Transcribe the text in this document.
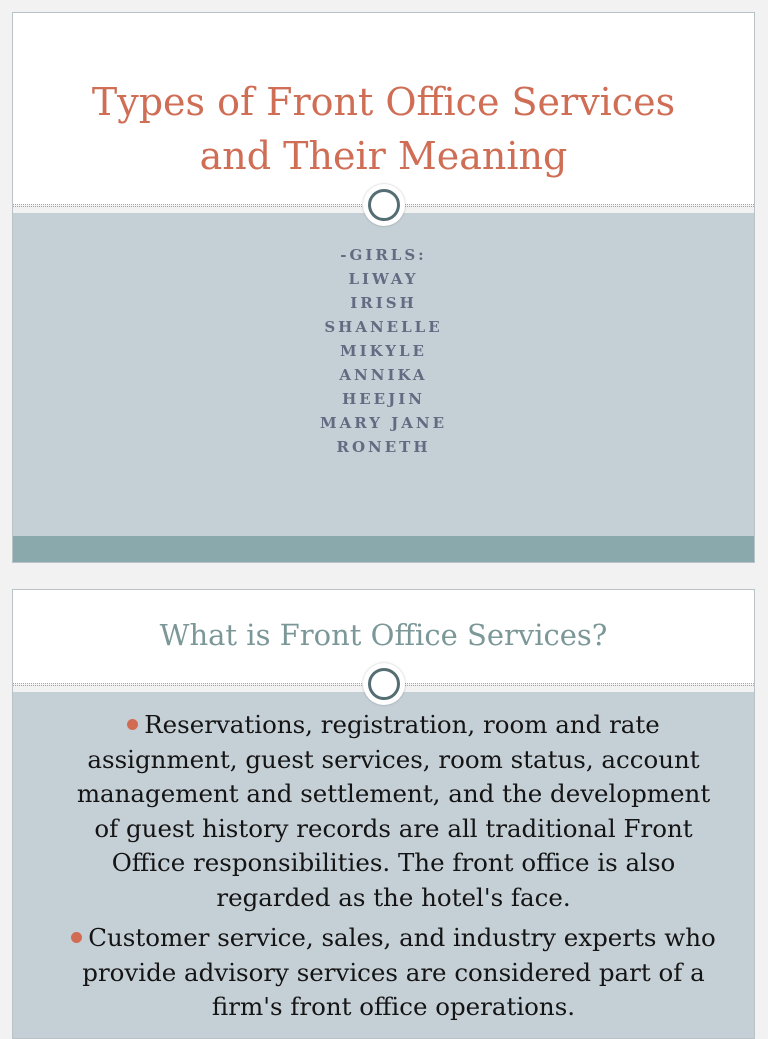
Types of Front Office Services
and Their Meaning
-GIRLS:
LIWAY
IRISH
SHANELLE
MIKYLE
ANNIKA
HEEJIN
MARY JANE
RONETH
What is Front Office Services?
Reservations, registration, room and rate assignment, guest services, room status, account management and settlement, and the development of guest history records are all traditional Front Office responsibilities. The front office is also regarded as the hotel's face.
Customer service, sales, and industry experts who provide advisory services are considered part of a firm's front office operations.
